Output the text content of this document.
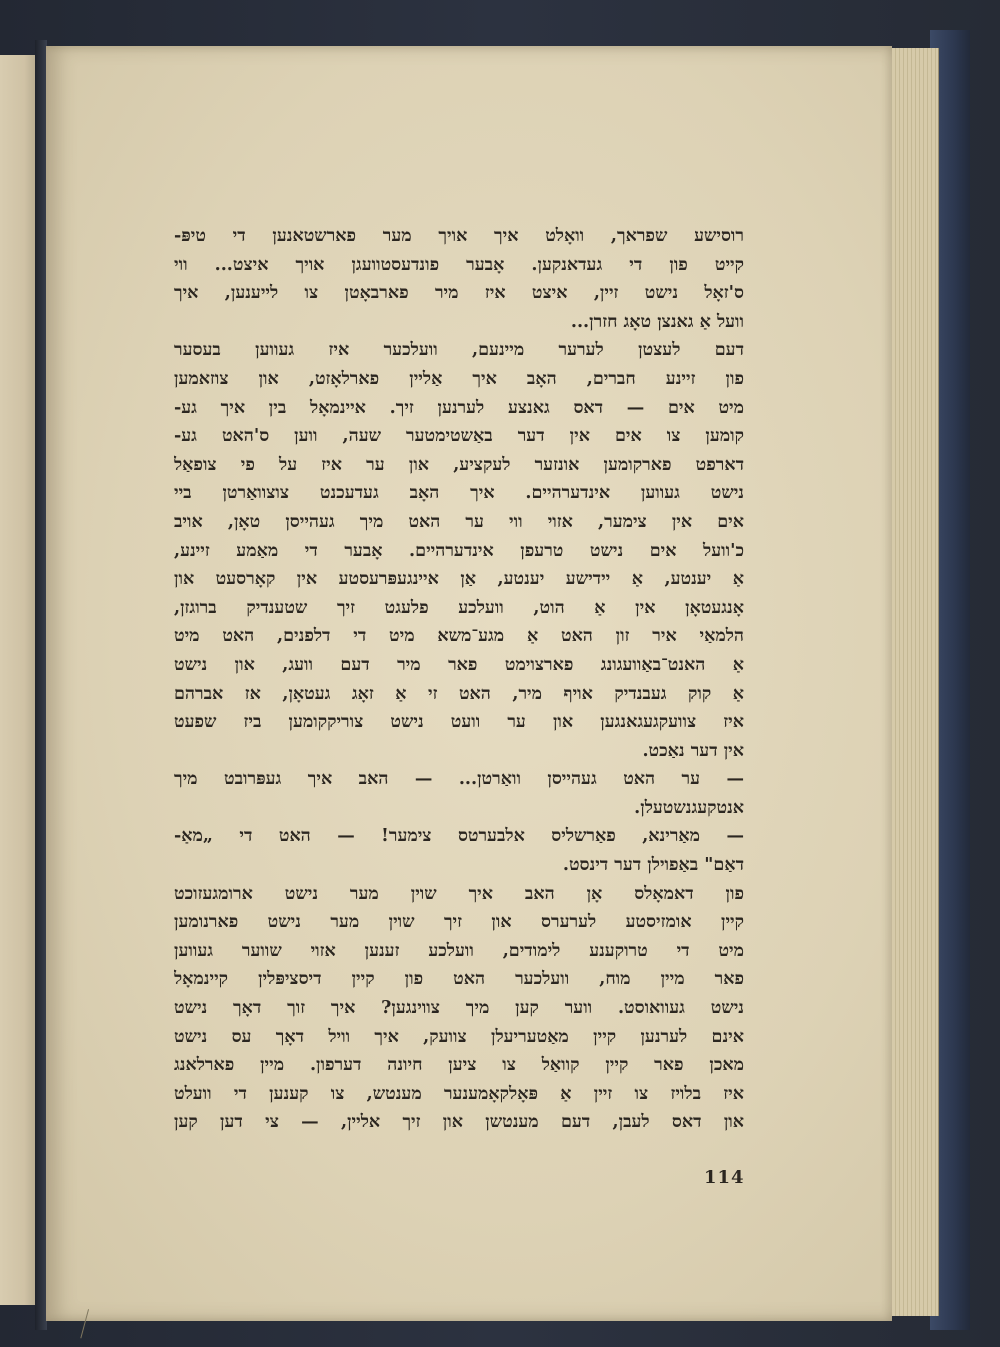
רוסישע שפראך, וואָלט איך אויך מער פארשטאנען די טיפּ-

קייט פון די געדאנקען. אָבער פונדעסטוועגן אויך איצט... ווי

ס'זאָל נישט זיין, איצט איז מיר פארבאָטן צו לייענען, איך

וועל אַ גאנצן טאָג חזרן...

דעם לעצטן לערער מיינעם, וועלכער איז געווען בעסער

פון זיינע חברים, האָב איך אַליין פארלאָזט, און צוזאמען

מיט אים — דאס גאנצע לערנען זיך. איינמאָל בין איך גע-

קומען צו אים אין דער באַשטימטער שעה, ווען ס'האט גע-

דארפט פארקומען אונזער לעקציע, און ער איז על פי צופאַל

נישט געווען אינדערהיים. איך האָב געדעכנט צוצוואַרטן ביי

אים אין צימער, אזוי ווי ער האט מיך געהייסן טאָן, אויב

כ'וועל אים נישט טרעפן אינדערהיים. אָבער די מאַמע זיינע,

אַ יענטע, אַ יידישע יענטע, אַן איינגעפּרעסטע אין קאָרסעט און

אָנגעטאָן אין אַ הוט, וועלכע פלעגט זיך שטענדיק ברוגזן,

הלמאַי איר זון האט אַ מגע־משא מיט די דלפנים, האט מיט

אַ האנט־באַוועגונג פארצוימט פאר מיר דעם וועג, און נישט

אַ קוק געבנדיק אויף מיר, האט זי אַ זאָג געטאָן, אז אברהם

איז צוועקגעגאנגען און ער וועט נישט צוריקקומען ביז שפעט

אין דער נאַכט.

— ער האט געהייסן וואַרטן... — האב איך געפּרובט מיך

אנטקעגנשטעלן.

— מאַרינא, פאַרשליס אלבערטס צימער! — האט די „מאַ-

דאַם" באַפוילן דער דינסט.

פון דאמאָלס אָן האב איך שוין מער נישט ארומגעזוכט

קיין אומזיסטע לערערס און זיך שוין מער נישט פארנומען

מיט די טרוקענע לימודים, וועלכע זענען אזוי שווער געווען

פאר מיין מוח, וועלכער האט פון קיין דיסציפּלין קיינמאָל

נישט געוואוסט. ווער קען מיך צווינגען? איך זוך דאָך נישט

אינם לערנען קיין מאַטעריעלן צוועק, איך וויל דאָך עס נישט

מאכן פאר קיין קוואַל צו ציען חיונה דערפון. מיין פארלאנג

איז בלויז צו זיין אַ פּאָלקאָמענער מענטש, צו קענען די וועלט

און דאס לעבן, דעם מענטשן און זיך אליין, — צי דען קען

114
